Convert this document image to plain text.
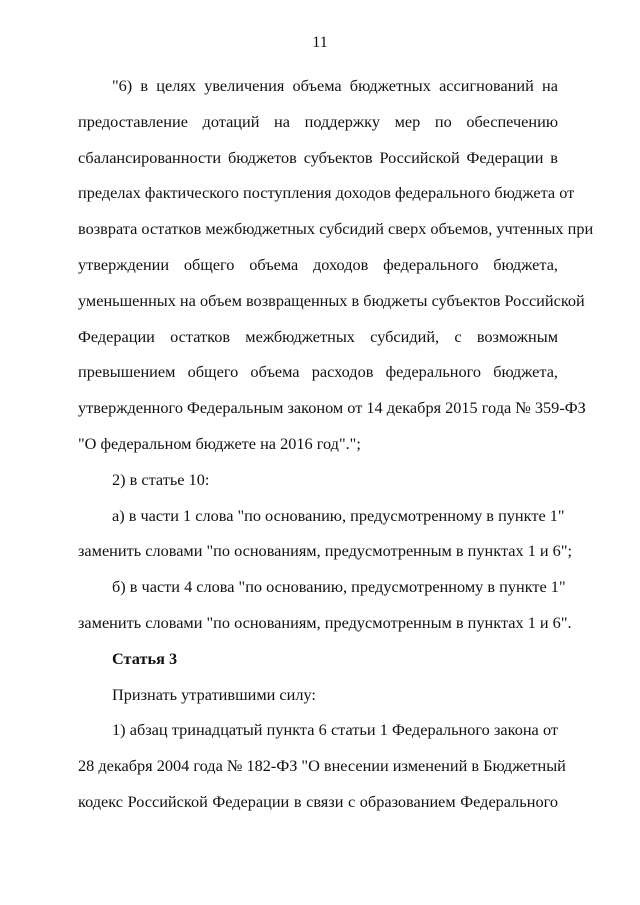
11
"6) в целях увеличения объема бюджетных ассигнований на
предоставление дотаций на поддержку мер по обеспечению
сбалансированности бюджетов субъектов Российской Федерации в
пределах фактического поступления доходов федерального бюджета от
возврата остатков межбюджетных субсидий сверх объемов, учтенных при
утверждении общего объема доходов федерального бюджета,
уменьшенных на объем возвращенных в бюджеты субъектов Российской
Федерации остатков межбюджетных субсидий, с возможным
превышением общего объема расходов федерального бюджета,
утвержденного Федеральным законом от 14 декабря 2015 года № 359-ФЗ
"О федеральном бюджете на 2016 год".";
2) в статье 10:
а) в части 1 слова "по основанию, предусмотренному в пункте 1"
заменить словами "по основаниям, предусмотренным в пунктах 1 и 6";
б) в части 4 слова "по основанию, предусмотренному в пункте 1"
заменить словами "по основаниям, предусмотренным в пунктах 1 и 6".
Статья 3
Признать утратившими силу:
1) абзац тринадцатый пункта 6 статьи 1 Федерального закона от
28 декабря 2004 года № 182-ФЗ "О внесении изменений в Бюджетный
кодекс Российской Федерации в связи с образованием Федерального
